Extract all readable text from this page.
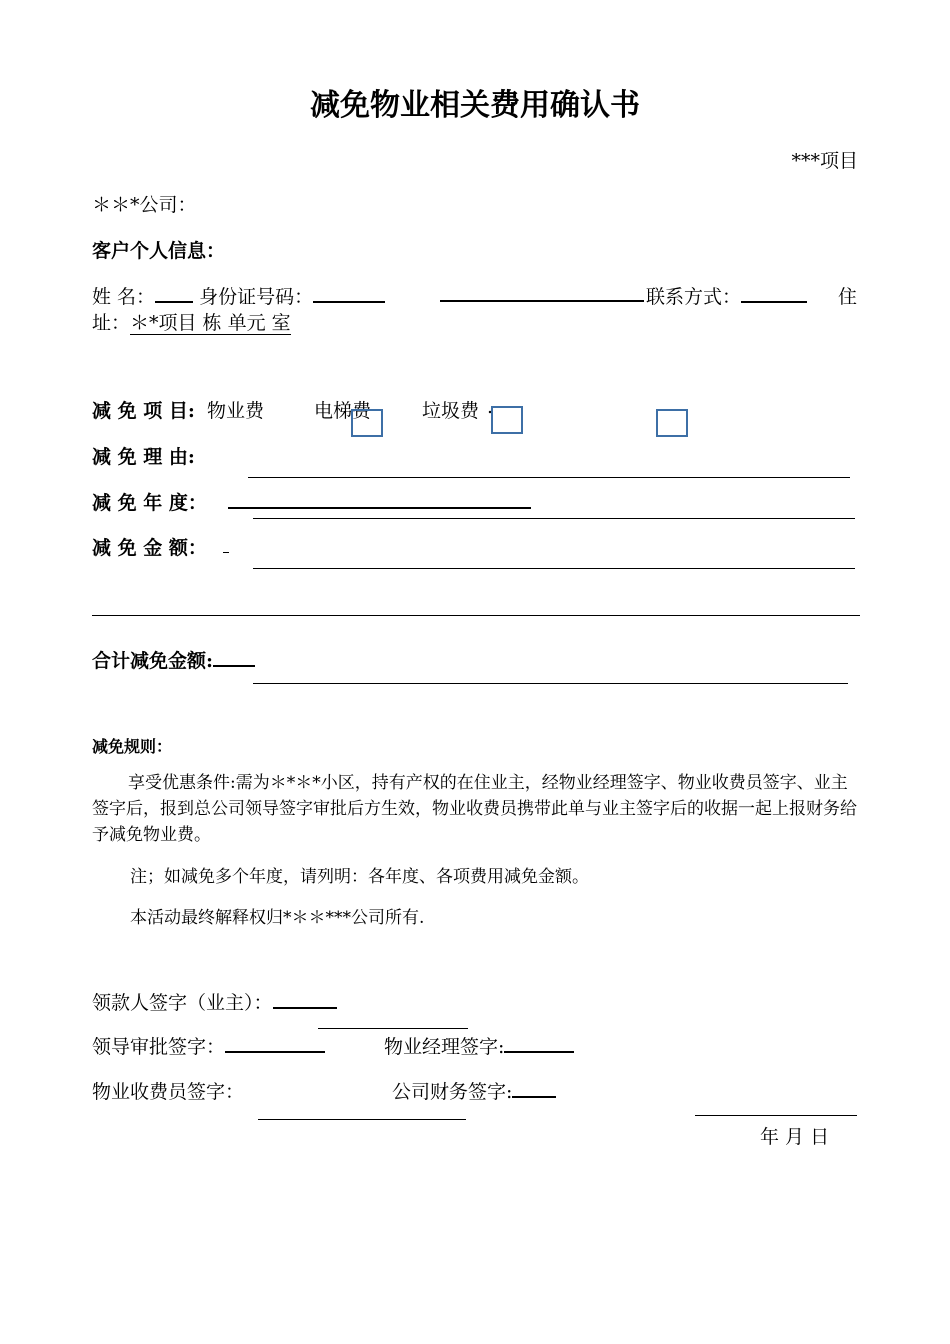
减免物业相关费用确认书
***项目
＊＊*公司：
客户个人信息：
姓 名： 身份证号码：	联系方式：	住
址：＊*项目 栋 单元 室
减 免 项 目: 物业费	电梯费	垃圾费 .
减 免 理 由:
减 免 年 度：
减 免 金 额：
合计减免金额:
减免规则：
享受优惠条件:需为＊*＊*小区，持有产权的在住业主，经物业经理签字、物业收费员签字、业主签字后，报到总公司领导签字审批后方生效，物业收费员携带此单与业主签字后的收据一起上报财务给予减免物业费。
注；如减免多个年度，请列明：各年度、各项费用减免金额。
本活动最终解释权归*＊＊***公司所有.
领款人签字（业主）：
领导审批签字：	物业经理签字:
物业收费员签字：	公司财务签字:
年 月 日
